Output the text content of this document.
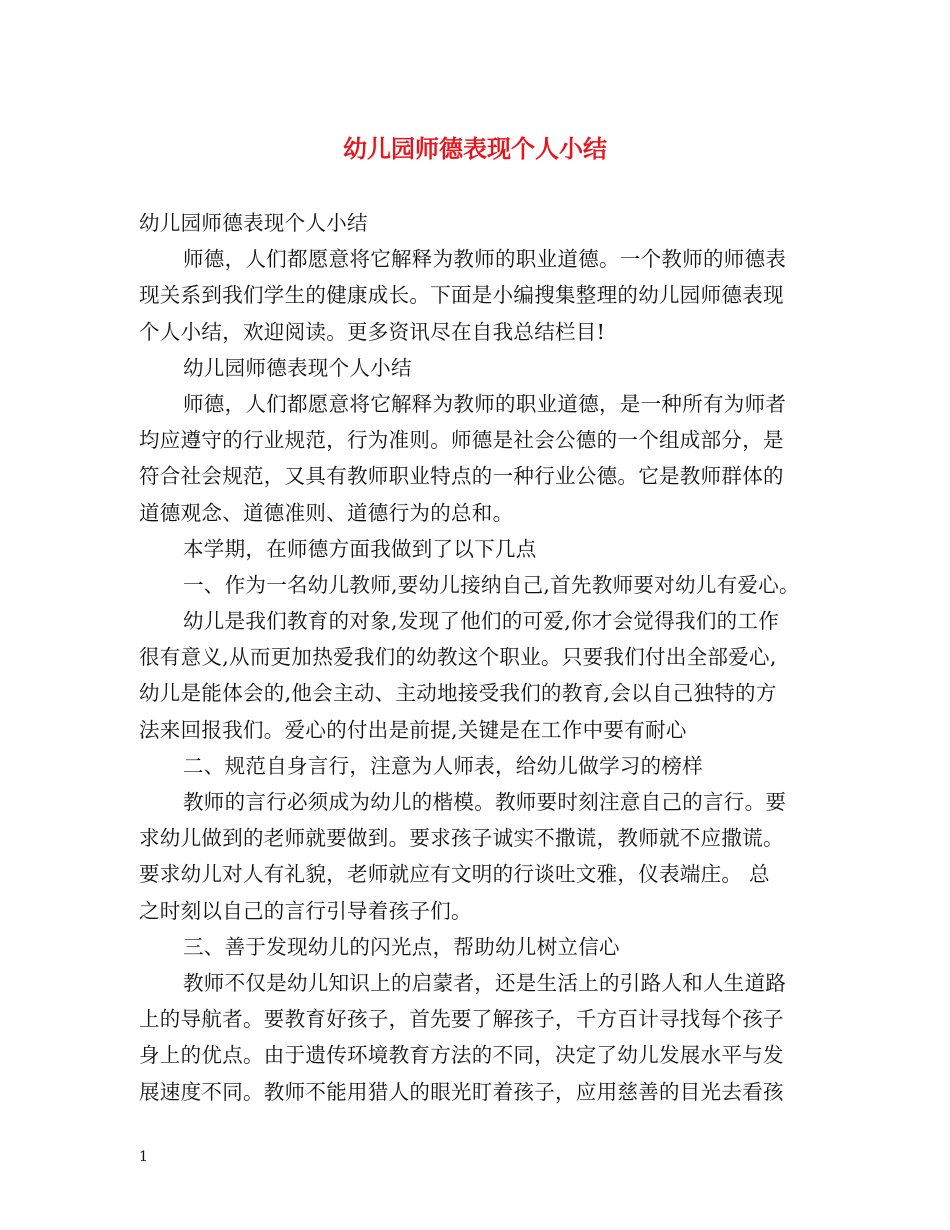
幼儿园师德表现个人小结
幼儿园师德表现个人小结
师德，人们都愿意将它解释为教师的职业道德。一个教师的师德表
现关系到我们学生的健康成长。下面是小编搜集整理的幼儿园师德表现
个人小结，欢迎阅读。更多资讯尽在自我总结栏目!
幼儿园师德表现个人小结
师德，人们都愿意将它解释为教师的职业道德，是一种所有为师者
均应遵守的行业规范，行为准则。师德是社会公德的一个组成部分，是
符合社会规范，又具有教师职业特点的一种行业公德。它是教师群体的
道德观念、道德准则、道德行为的总和。
本学期，在师德方面我做到了以下几点
一、作为一名幼儿教师,要幼儿接纳自己,首先教师要对幼儿有爱心。
幼儿是我们教育的对象,发现了他们的可爱,你才会觉得我们的工作
很有意义,从而更加热爱我们的幼教这个职业。只要我们付出全部爱心,
幼儿是能体会的,他会主动、主动地接受我们的教育,会以自己独特的方
法来回报我们。爱心的付出是前提,关键是在工作中要有耐心
二、规范自身言行，注意为人师表，给幼儿做学习的榜样
教师的言行必须成为幼儿的楷模。教师要时刻注意自己的言行。要
求幼儿做到的老师就要做到。要求孩子诚实不撒谎，教师就不应撒谎。
要求幼儿对人有礼貌，老师就应有文明的行谈吐文雅，仪表端庄。 总
之时刻以自己的言行引导着孩子们。
三、善于发现幼儿的闪光点，帮助幼儿树立信心
教师不仅是幼儿知识上的启蒙者，还是生活上的引路人和人生道路
上的导航者。要教育好孩子，首先要了解孩子，千方百计寻找每个孩子
身上的优点。由于遗传环境教育方法的不同，决定了幼儿发展水平与发
展速度不同。教师不能用猎人的眼光盯着孩子，应用慈善的目光去看孩
1
